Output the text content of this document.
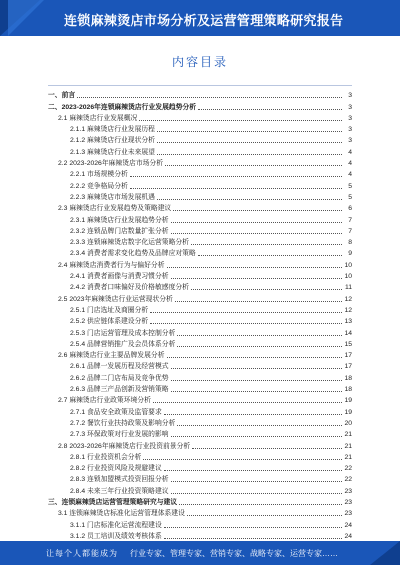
连锁麻辣烫店市场分析及运营管理策略研究报告
内容目录
一、前言	3
二、2023-2026年连锁麻辣烫店行业发展趋势分析	3
2.1 麻辣烫店行业发展概况	3
2.1.1 麻辣烫店行业发展历程	3
2.1.2 麻辣烫店行业现状分析	3
2.1.3 麻辣烫店行业未来展望	4
2.2 2023-2026年麻辣烫店市场分析	4
2.2.1 市场规模分析	4
2.2.2 竞争格局分析	5
2.2.3 麻辣烫店市场发展机遇	5
2.3 麻辣烫店行业发展趋势及策略建议	6
2.3.1 麻辣烫店行业发展趋势分析	7
2.3.2 连锁品牌门店数量扩张分析	7
2.3.3 连锁麻辣烫店数字化运营策略分析	8
2.3.4 消费者需求变化趋势及品牌应对策略	9
2.4 麻辣烫店消费者行为与偏好分析	10
2.4.1 消费者画像与消费习惯分析	10
2.4.2 消费者口味偏好及价格敏感度分析	11
2.5 2023年麻辣烫店行业运营现状分析	12
2.5.1 门店选址及商圈分析	12
2.5.2 供应链体系建设分析	13
2.5.3 门店运营管理及成本控制分析	14
2.5.4 品牌营销推广及会员体系分析	15
2.6 麻辣烫店行业主要品牌发展分析	17
2.6.1 品牌一发展历程及经营模式	17
2.6.2 品牌二门店布局及竞争优势	18
2.6.3 品牌三产品创新及营销策略	18
2.7 麻辣烫店行业政策环境分析	19
2.7.1 食品安全政策及监管要求	19
2.7.2 餐饮行业扶持政策及影响分析	20
2.7.3 环保政策对行业发展的影响	21
2.8 2023-2026年麻辣烫店行业投资前景分析	21
2.8.1 行业投资机会分析	21
2.8.2 行业投资风险及规避建议	22
2.8.3 连锁加盟模式投资回报分析	22
2.8.4 未来三年行业投资策略建议	23
三、连锁麻辣烫店运营管理策略研究与建议	23
3.1 连锁麻辣烫店标准化运营管理体系建设	23
3.1.1 门店标准化运营流程建设	24
3.1.2 员工培训及绩效考核体系	24
让每个人都能成为 行业专家、管理专家、营销专家、战略专家、运营专家……
